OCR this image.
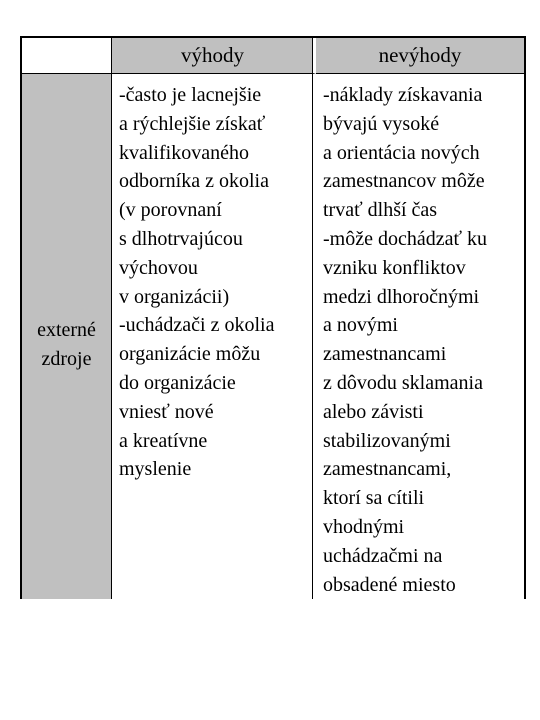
výhody	nevýhody
externé
zdroje
-často je lacnejšie
a rýchlejšie získať
kvalifikovaného
odborníka z okolia
(v porovnaní
s dlhotrvajúcou
výchovou
v organizácii)
-uchádzači z okolia
organizácie môžu
do organizácie
vniesť nové
a kreatívne
myslenie
-náklady získavania
bývajú vysoké
a orientácia nových
zamestnancov môže
trvať dlhší čas
-môže dochádzať ku
vzniku konfliktov
medzi dlhoročnými
a novými
zamestnancami
z dôvodu sklamania
alebo závisti
stabilizovanými
zamestnancami,
ktorí sa cítili
vhodnými
uchádzačmi na
obsadené miesto
